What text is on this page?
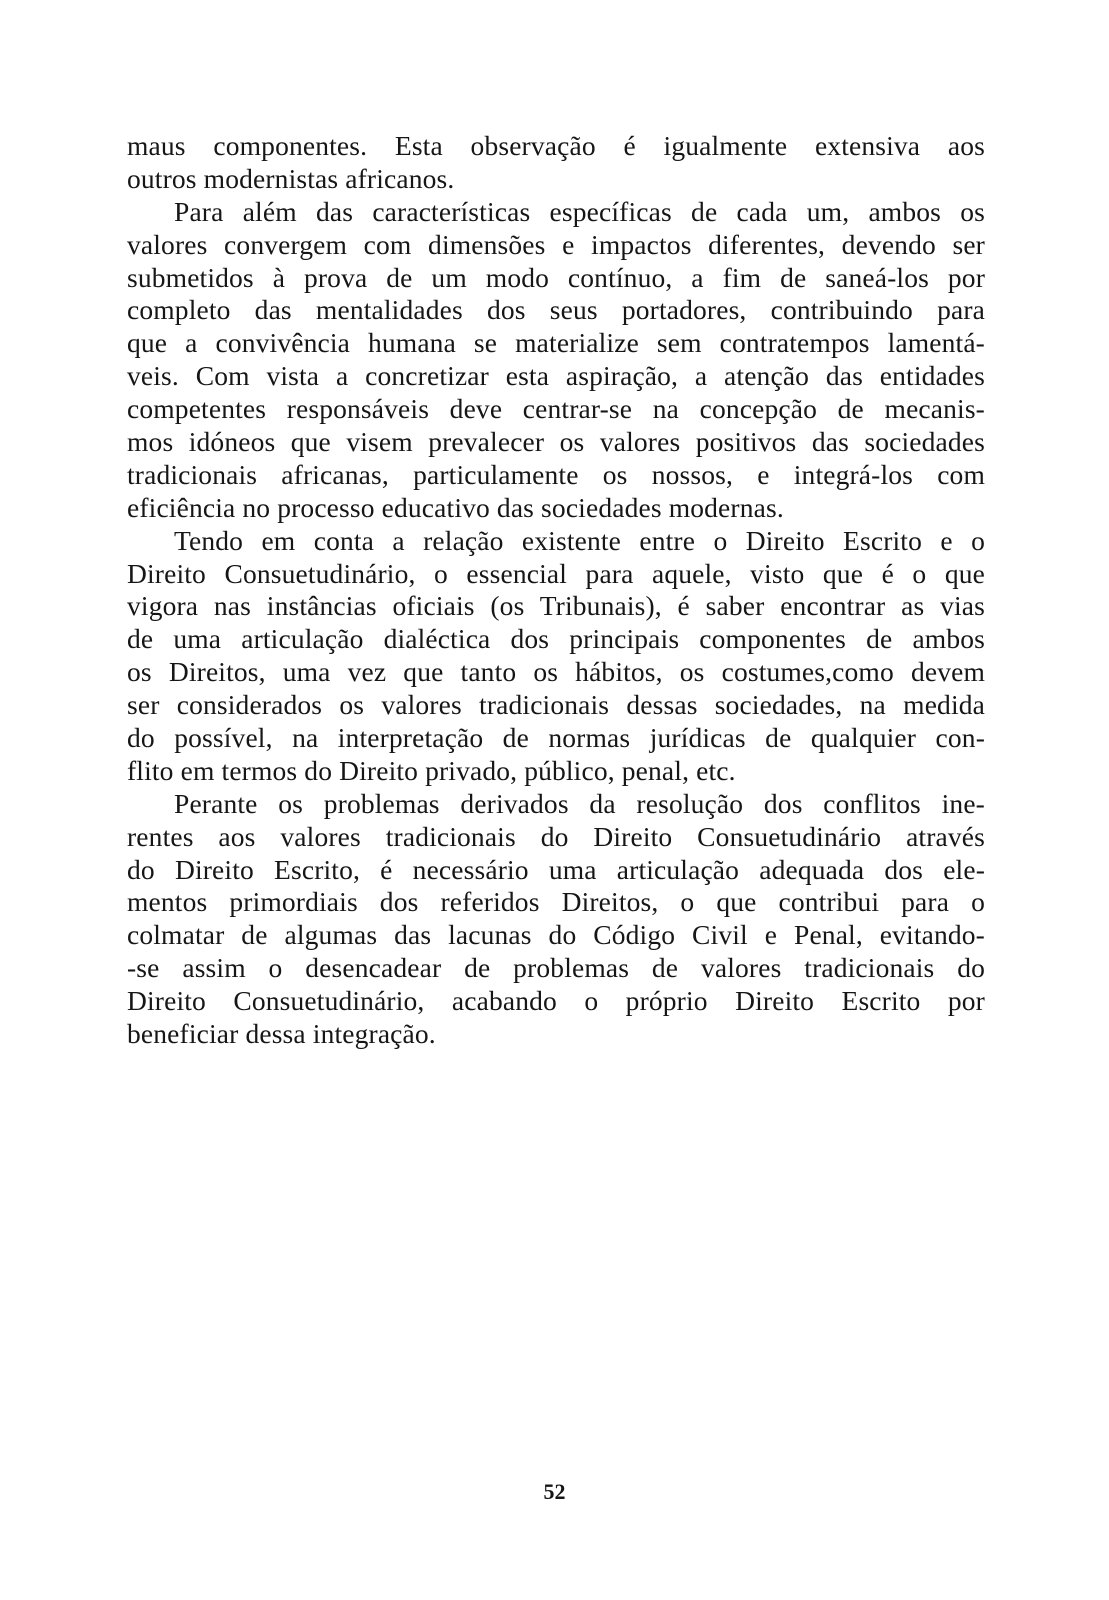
maus componentes. Esta observação é igualmente extensiva aos
outros modernistas africanos.
Para além das características específicas de cada um, ambos os
valores convergem com dimensões e impactos diferentes, devendo ser
submetidos à prova de um modo contínuo, a fim de saneá-los por
completo das mentalidades dos seus portadores, contribuindo para
que a convivência humana se materialize sem contratempos lamentá-
veis. Com vista a concretizar esta aspiração, a atenção das entidades
competentes responsáveis deve centrar-se na concepção de mecanis-
mos idóneos que visem prevalecer os valores positivos das sociedades
tradicionais africanas, particulamente os nossos, e integrá-los com
eficiência no processo educativo das sociedades modernas.
Tendo em conta a relação existente entre o Direito Escrito e o
Direito Consuetudinário, o essencial para aquele, visto que é o que
vigora nas instâncias oficiais (os Tribunais), é saber encontrar as vias
de uma articulação dialéctica dos principais componentes de ambos
os Direitos, uma vez que tanto os hábitos, os costumes,como devem
ser considerados os valores tradicionais dessas sociedades, na medida
do possível, na interpretação de normas jurídicas de qualquier con-
flito em termos do Direito privado, público, penal, etc.
Perante os problemas derivados da resolução dos conflitos ine-
rentes aos valores tradicionais do Direito Consuetudinário através
do Direito Escrito, é necessário uma articulação adequada dos ele-
mentos primordiais dos referidos Direitos, o que contribui para o
colmatar de algumas das lacunas do Código Civil e Penal, evitando-
-se assim o desencadear de problemas de valores tradicionais do
Direito Consuetudinário, acabando o próprio Direito Escrito por
beneficiar dessa integração.
52
